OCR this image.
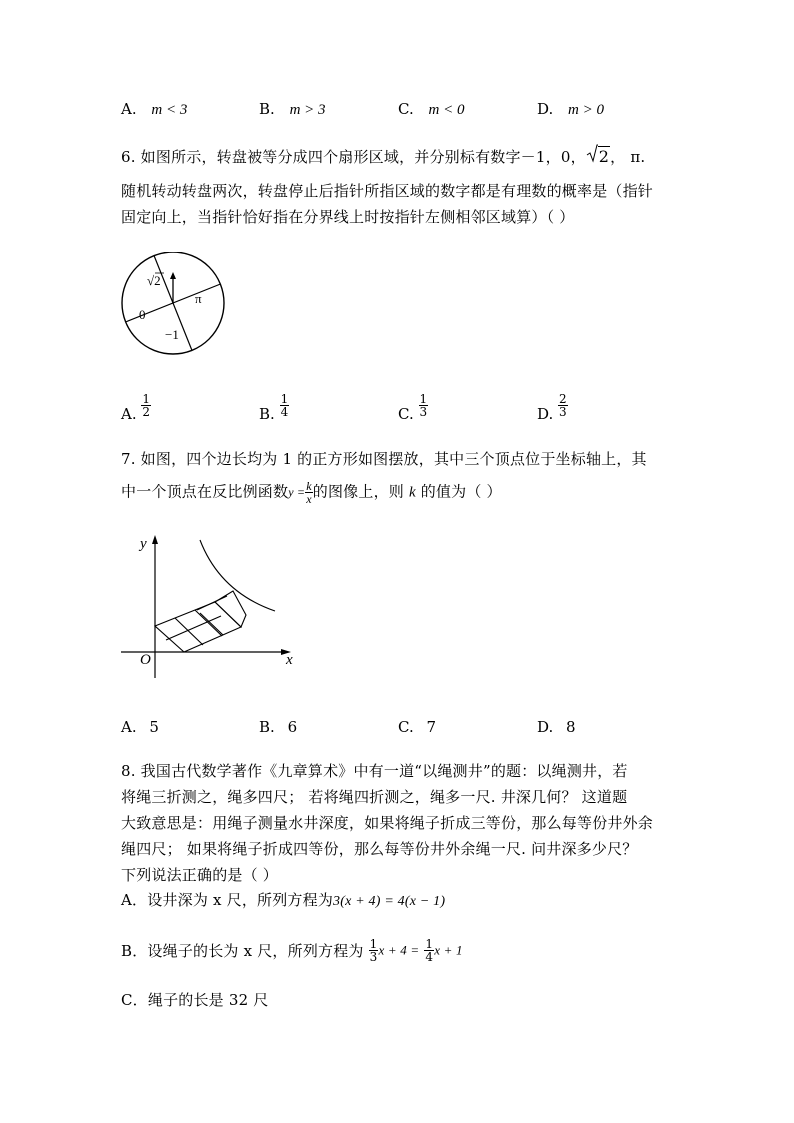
A. m < 3	B. m > 3	C. m < 0	D. m > 0
6. 如图所示，转盘被等分成四个扇形区域，并分别标有数字－1，0， 2， π.
随机转动转盘两次，转盘停止后指针所指区域的数字都是有理数的概率是（指针
固定向上，当指针恰好指在分界线上时按指针左侧相邻区域算）（ ）
√2
π
0
−1
A. $\frac{1}{2}$	B. $\frac{1}{4}$	C. $\frac{1}{3}$	D. $\frac{2}{3}$
7. 如图，四个边长均为 1 的正方形如图摆放，其中三个顶点位于坐标轴上，其
中一个顶点在反比例函数$y = \frac{k}{x}$ 的图像上，则 k 的值为（ ）
y
x
O
A. 5	B. 6	C. 7	D. 8
8. 我国古代数学著作《九章算术》中有一道“以绳测井”的题：以绳测井，若
将绳三折测之，绳多四尺； 若将绳四折测之，绳多一尺. 井深几何？ 这道题
大致意思是：用绳子测量水井深度，如果将绳子折成三等份，那么每等份井外余
绳四尺； 如果将绳子折成四等份，那么每等份井外余绳一尺. 问井深多少尺？
下列说法正确的是（ ）
A．设井深为 x 尺，所列方程为3(x + 4) = 4(x − 1)
B．设绳子的长为 x 尺，所列方程为 $\frac{1}{3}$ $x + 4 = \frac{1}{4}$ x + 1
C．绳子的长是 32 尺
